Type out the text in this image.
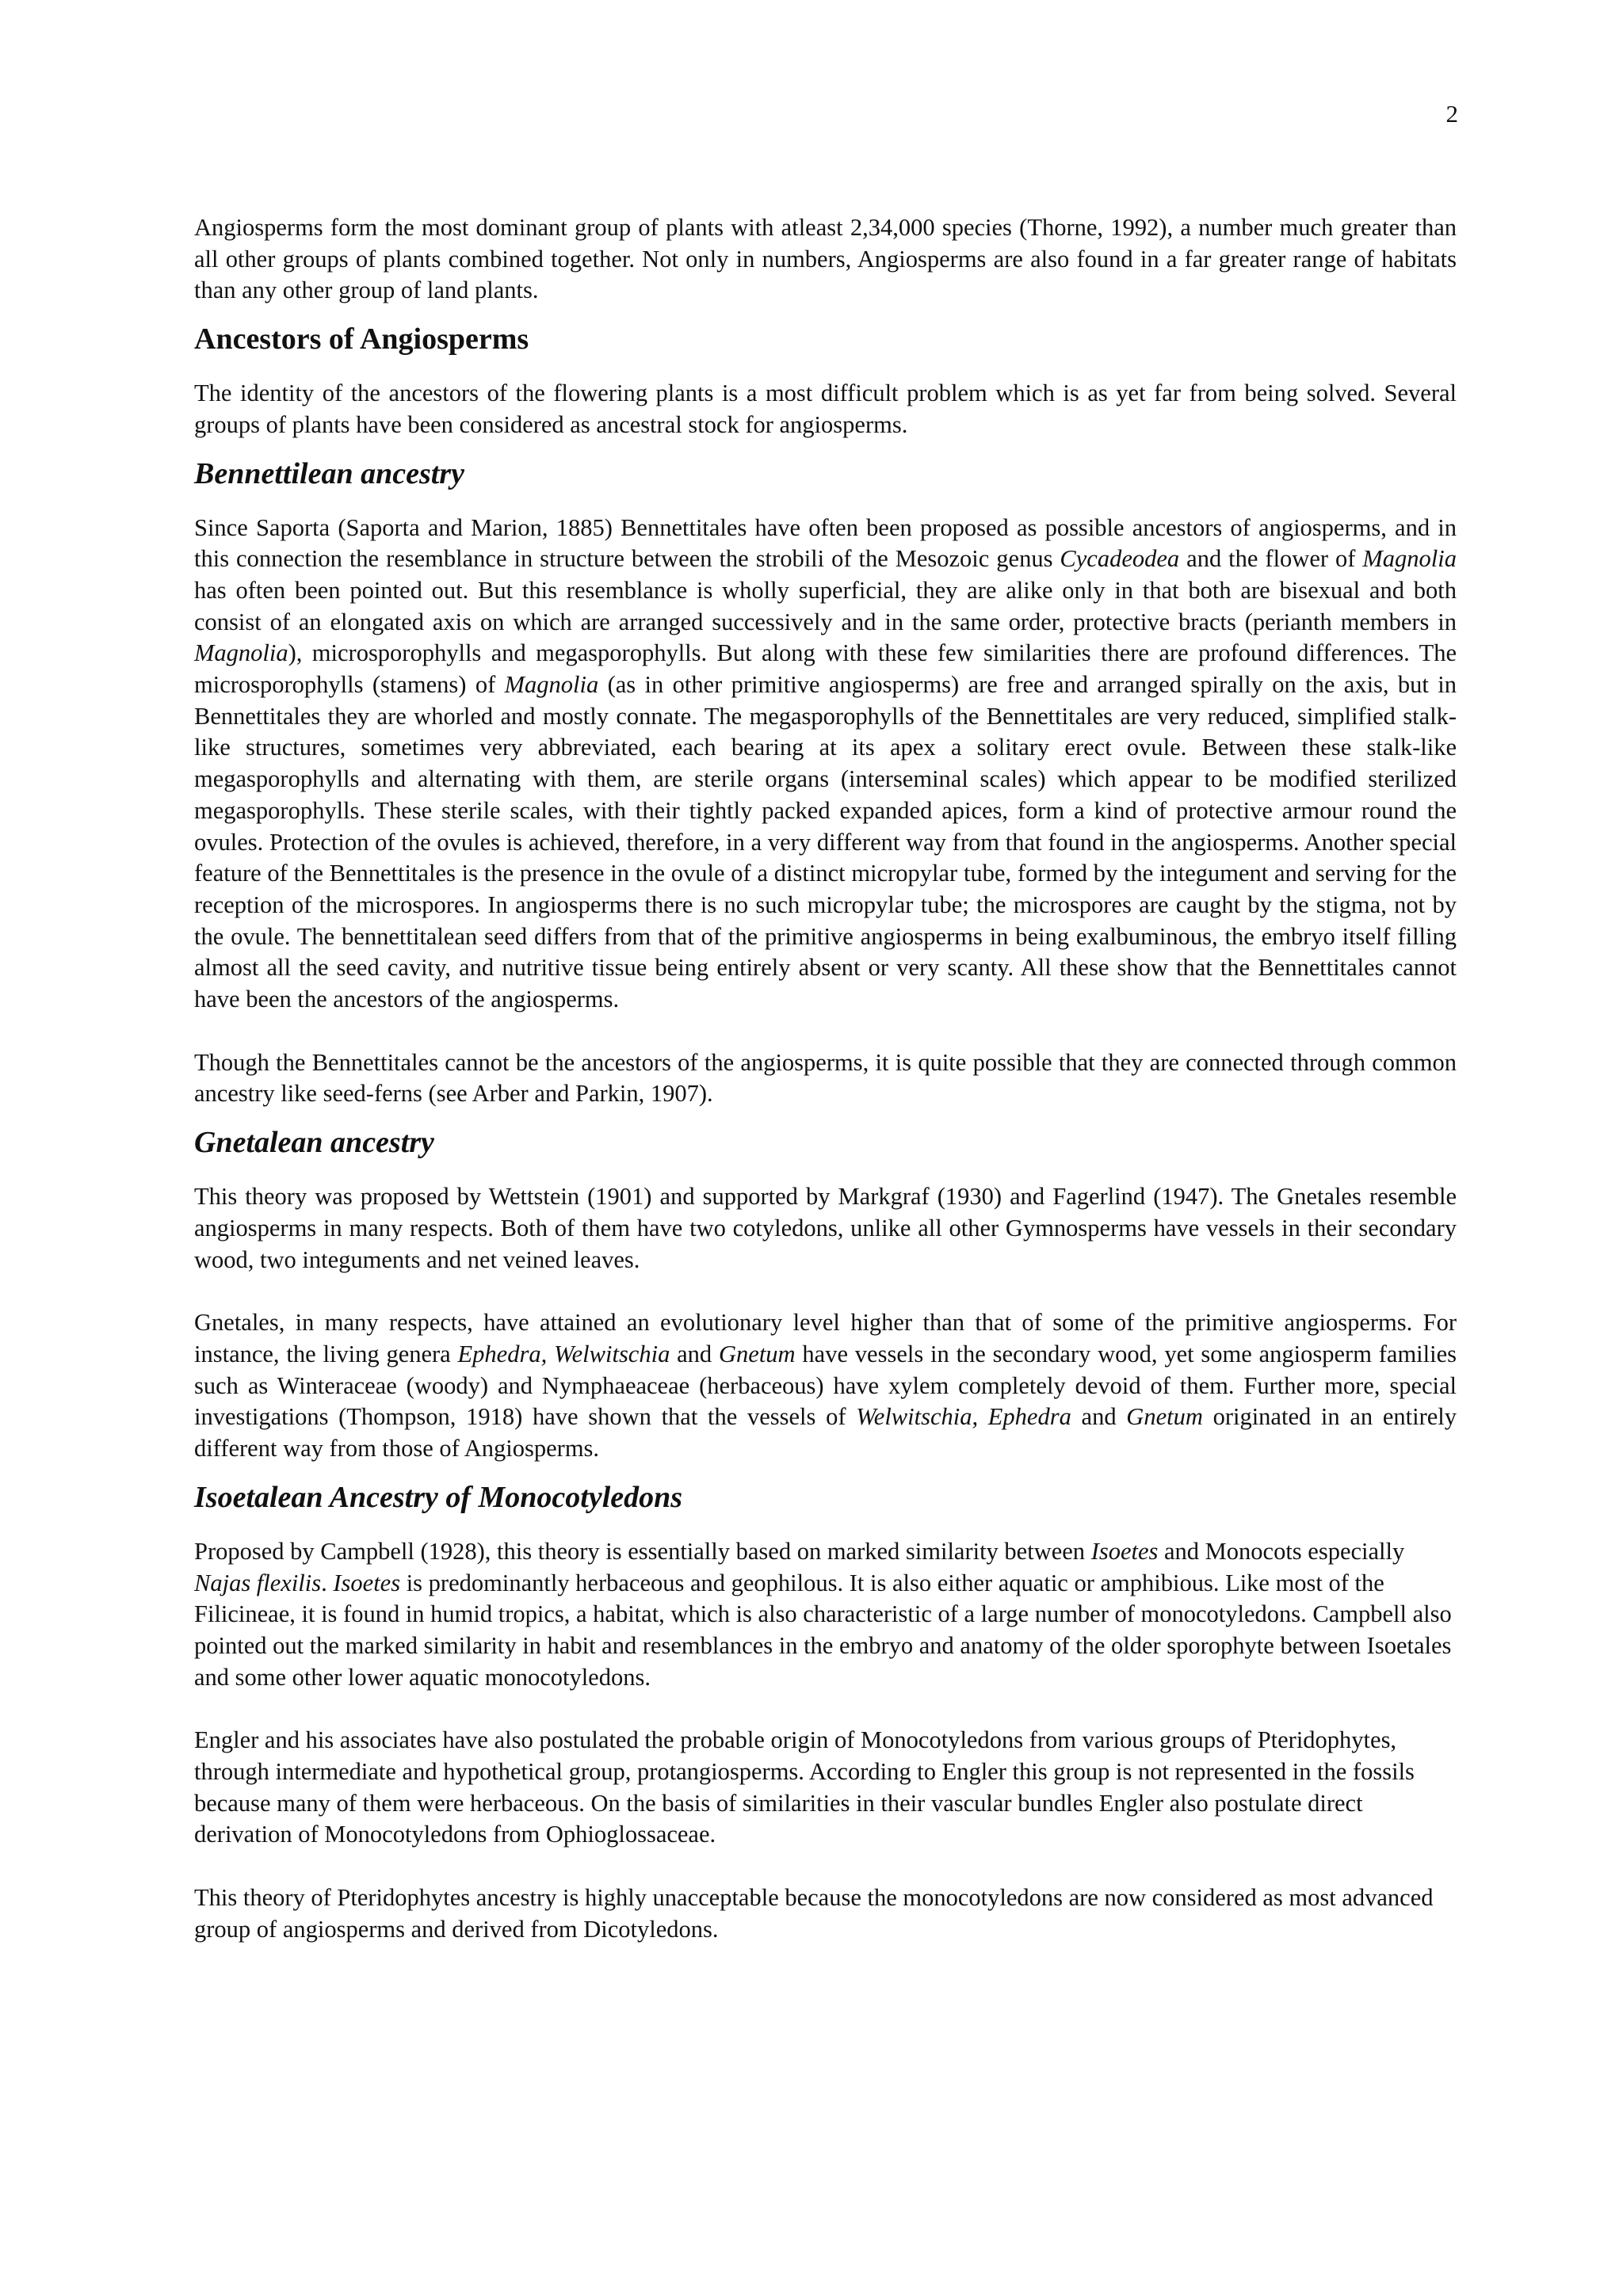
2

Angiosperms form the most dominant group of plants with atleast 2,34,000 species (Thorne, 1992), a number much greater than all other groups of plants combined together. Not only in numbers, Angiosperms are also found in a far greater range of habitats than any other group of land plants.

Ancestors of Angiosperms

The identity of the ancestors of the flowering plants is a most difficult problem which is as yet far from being solved. Several groups of plants have been considered as ancestral stock for angiosperms.

Bennettilean ancestry

Since Saporta (Saporta and Marion, 1885) Bennettitales have often been proposed as possible ancestors of angiosperms, and in this connection the resemblance in structure between the strobili of the Mesozoic genus Cycadeodea and the flower of Magnolia has often been pointed out. But this resemblance is wholly superficial, they are alike only in that both are bisexual and both consist of an elongated axis on which are arranged successively and in the same order, protective bracts (perianth members in Magnolia), microsporophylls and megasporophylls. But along with these few similarities there are profound differences. The microsporophylls (stamens) of Magnolia (as in other primitive angiosperms) are free and arranged spirally on the axis, but in Bennettitales they are whorled and mostly connate. The megasporophylls of the Bennettitales are very reduced, simplified stalk-like structures, sometimes very abbreviated, each bearing at its apex a solitary erect ovule. Between these stalk-like megasporophylls and alternating with them, are sterile organs (interseminal scales) which appear to be modified sterilized megasporophylls. These sterile scales, with their tightly packed expanded apices, form a kind of protective armour round the ovules. Protection of the ovules is achieved, therefore, in a very different way from that found in the angiosperms. Another special feature of the Bennettitales is the presence in the ovule of a distinct micropylar tube, formed by the integument and serving for the reception of the microspores. In angiosperms there is no such micropylar tube; the microspores are caught by the stigma, not by the ovule. The bennettitalean seed differs from that of the primitive angiosperms in being exalbuminous, the embryo itself filling almost all the seed cavity, and nutritive tissue being entirely absent or very scanty. All these show that the Bennettitales cannot have been the ancestors of the angiosperms.

Though the Bennettitales cannot be the ancestors of the angiosperms, it is quite possible that they are connected through common ancestry like seed-ferns (see Arber and Parkin, 1907).

Gnetalean ancestry

This theory was proposed by Wettstein (1901) and supported by Markgraf (1930) and Fagerlind (1947). The Gnetales resemble angiosperms in many respects. Both of them have two cotyledons, unlike all other Gymnosperms have vessels in their secondary wood, two integuments and net veined leaves.

Gnetales, in many respects, have attained an evolutionary level higher than that of some of the primitive angiosperms. For instance, the living genera Ephedra, Welwitschia and Gnetum have vessels in the secondary wood, yet some angiosperm families such as Winteraceae (woody) and Nymphaeaceae (herbaceous) have xylem completely devoid of them. Further more, special investigations (Thompson, 1918) have shown that the vessels of Welwitschia, Ephedra and Gnetum originated in an entirely different way from those of Angiosperms.

Isoetalean Ancestry of Monocotyledons

Proposed by Campbell (1928), this theory is essentially based on marked similarity between Isoetes and Monocots especially Najas flexilis. Isoetes is predominantly herbaceous and geophilous. It is also either aquatic or amphibious. Like most of the Filicineae, it is found in humid tropics, a habitat, which is also characteristic of a large number of monocotyledons. Campbell also pointed out the marked similarity in habit and resemblances in the embryo and anatomy of the older sporophyte between Isoetales and some other lower aquatic monocotyledons.

Engler and his associates have also postulated the probable origin of Monocotyledons from various groups of Pteridophytes, through intermediate and hypothetical group, protangiosperms. According to Engler this group is not represented in the fossils because many of them were herbaceous. On the basis of similarities in their vascular bundles Engler also postulate direct derivation of Monocotyledons from Ophioglossaceae.

This theory of Pteridophytes ancestry is highly unacceptable because the monocotyledons are now considered as most advanced group of angiosperms and derived from Dicotyledons.
